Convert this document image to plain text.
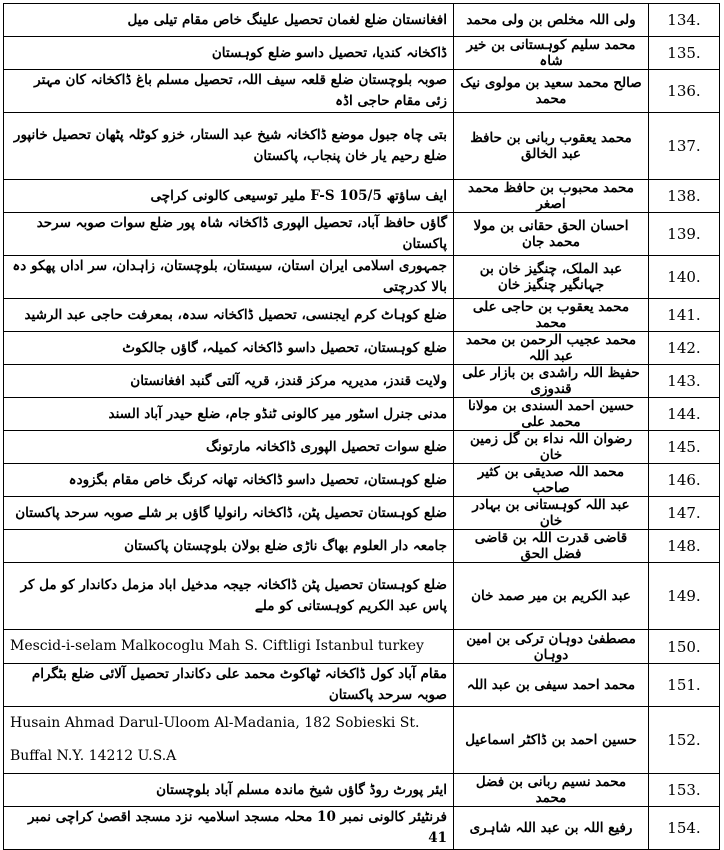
افغانستان ضلع لغمان تحصیل علینگ خاص مقام تیلی میل	ولی اللہ مخلص بن ولی محمد	134.
ڈاکخانہ کندیا، تحصیل داسو ضلع کوہستان	محمد سلیم کوہستانی بن خیر شاہ	135.
صوبہ بلوچستان ضلع قلعہ سیف اللہ، تحصیل مسلم باغ ڈاکخانہ کان مہتر زئی مقام حاجی اڈہ	صالح محمد سعید بن مولوی نیک محمد	136.
بتی چاہ جبول موضع ڈاکخانہ شیخ عبد الستار، خزو کوٹلہ پٹھان تحصیل خانپور ضلع رحیم یار خان پنجاب، پاکستان	محمد یعقوب ربانی بن حافظ عبد الخالق	137.
ایف ساؤتھ 105/5 F-S ملیر توسیعی کالونی کراچی	محمد محبوب بن حافظ محمد اصغر	138.
گاؤں حافظ آباد، تحصیل الپوری ڈاکخانہ شاہ پور ضلع سوات صوبہ سرحد پاکستان	احسان الحق حقانی بن مولا محمد جان	139.
جمہوری اسلامی ایران استان، سیستان، بلوچستان، زاہدان، سر اداں پھکو دہ بالا کدرچتی	عبد الملک، چنگیز خان بن جہانگیر چنگیز خان	140.
ضلع کوہاٹ کرم ایجنسی، تحصیل ڈاکخانہ سدہ، بمعرفت حاجی عبد الرشید	محمد یعقوب بن حاجی علی محمد	141.
ضلع کوہستان، تحصیل داسو ڈاکخانہ کمیلہ، گاؤں جالکوٹ	محمد عجیب الرحمن بن محمد عبد اللہ	142.
ولایت قندز، مدیریہ مرکز قندز، قریہ آلتی گنبد افغانستان	حفیظ اللہ راشدی بن بازار علی قندوزی	143.
مدنی جنرل اسٹور میر کالونی ٹنڈو جام، ضلع حیدر آباد السند	حسین احمد السندی بن مولانا محمد علی	144.
ضلع سوات تحصیل الپوری ڈاکخانہ مارتونگ	رضوان اللہ نداء بن گل زمین خان	145.
ضلع کوہستان، تحصیل داسو ڈاکخانہ تھانہ کرنگ خاص مقام بگزودہ	محمد اللہ صدیقی بن کثیر صاحب	146.
ضلع کوہستان تحصیل پٹن، ڈاکخانہ رانولیا گاؤں بر شلے صوبہ سرحد پاکستان	عبد اللہ کوہستانی بن بہادر خان	147.
جامعہ دار العلوم بھاگ ناڑی ضلع بولان بلوچستان پاکستان	قاضی قدرت اللہ بن قاضی فضل الحق	148.
ضلع کوہستان تحصیل پٹن ڈاکخانہ جیجہ مدخیل اباد مزمل دکاندار کو مل کر پاس عبد الکریم کوہستانی کو ملے	عبد الکریم بن میر صمد خان	149.
Mescid-i-selam Malkocoglu Mah S. Ciftligi Istanbul turkey	مصطفیٰ دوہان ترکی بن امین دوہان	150.
مقام آباد کول ڈاکخانہ ٹھاکوٹ محمد علی دکاندار تحصیل آلائی ضلع بٹگرام صوبہ سرحد پاکستان	محمد احمد سیفی بن عبد اللہ	151.
Husain Ahmad Darul-Uloom Al-Madania, 182 Sobieski St. Buffal N.Y. 14212 U.S.A	حسین احمد بن ڈاکٹر اسماعیل	152.
ایئر پورٹ روڈ گاؤں شیخ ماندہ مسلم آباد بلوچستان	محمد نسیم ربانی بن فضل محمد	153.
فرنٹیئر کالونی نمبر 10 محلہ مسجد اسلامیہ نزد مسجد اقصیٰ کراچی نمبر 41	رفیع اللہ بن عبد اللہ شاہری	154.
